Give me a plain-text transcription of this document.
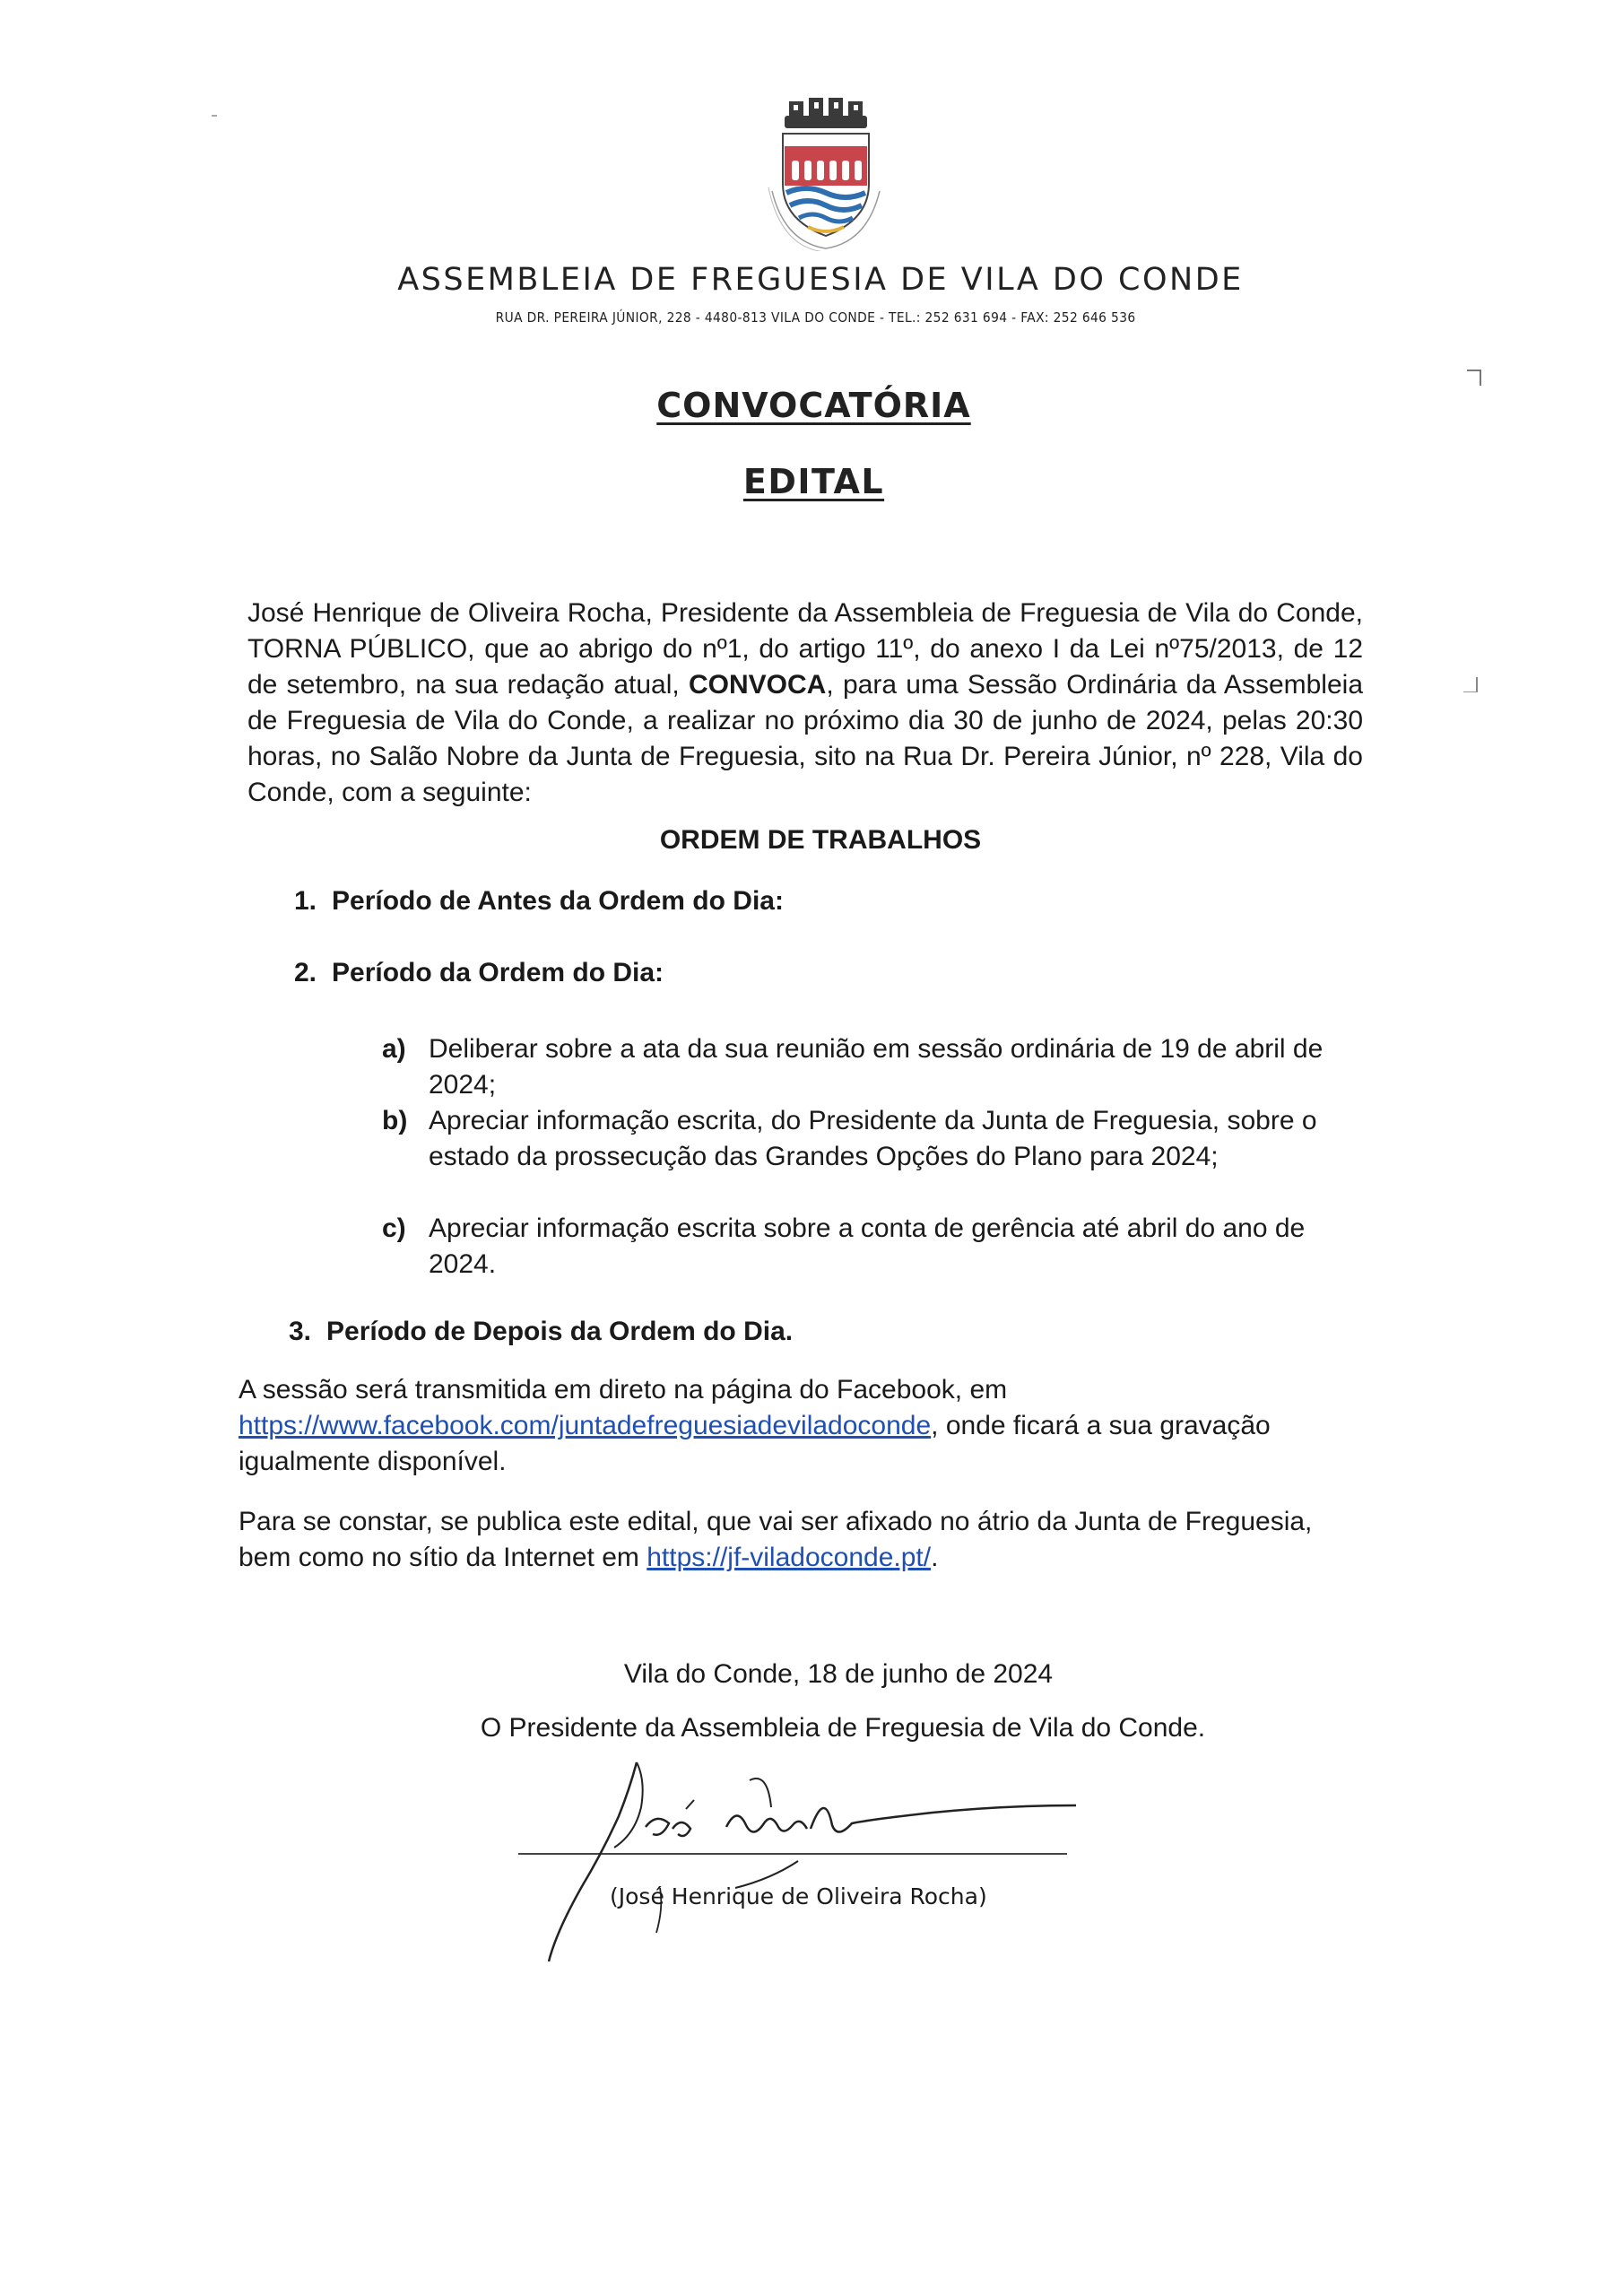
ASSEMBLEIA DE FREGUESIA DE VILA DO CONDE
RUA DR. PEREIRA JÚNIOR, 228 - 4480-813 VILA DO CONDE - TEL.: 252 631 694 - FAX: 252 646 536
CONVOCATÓRIA
EDITAL
José Henrique de Oliveira Rocha, Presidente da Assembleia de Freguesia de Vila do Conde, TORNA PÚBLICO, que ao abrigo do nº1, do artigo 11º, do anexo I da Lei nº75/2013, de 12 de setembro, na sua redação atual, CONVOCA, para uma Sessão Ordinária da Assembleia de Freguesia de Vila do Conde, a realizar no próximo dia 30 de junho de 2024, pelas 20:30 horas, no Salão Nobre da Junta de Freguesia, sito na Rua Dr. Pereira Júnior, nº 228, Vila do Conde, com a seguinte:
ORDEM DE TRABALHOS
1. Período de Antes da Ordem do Dia:
2. Período da Ordem do Dia:
a) Deliberar sobre a ata da sua reunião em sessão ordinária de 19 de abril de 2024;
b) Apreciar informação escrita, do Presidente da Junta de Freguesia, sobre o estado da prossecução das Grandes Opções do Plano para 2024;
c) Apreciar informação escrita sobre a conta de gerência até abril do ano de 2024.
3. Período de Depois da Ordem do Dia.
A sessão será transmitida em direto na página do Facebook, em https://www.facebook.com/juntadefreguesiadeviladoconde, onde ficará a sua gravação igualmente disponível.
Para se constar, se publica este edital, que vai ser afixado no átrio da Junta de Freguesia, bem como no sítio da Internet em https://jf-viladoconde.pt/.
Vila do Conde, 18 de junho de 2024
O Presidente da Assembleia de Freguesia de Vila do Conde.
(José Henrique de Oliveira Rocha)
